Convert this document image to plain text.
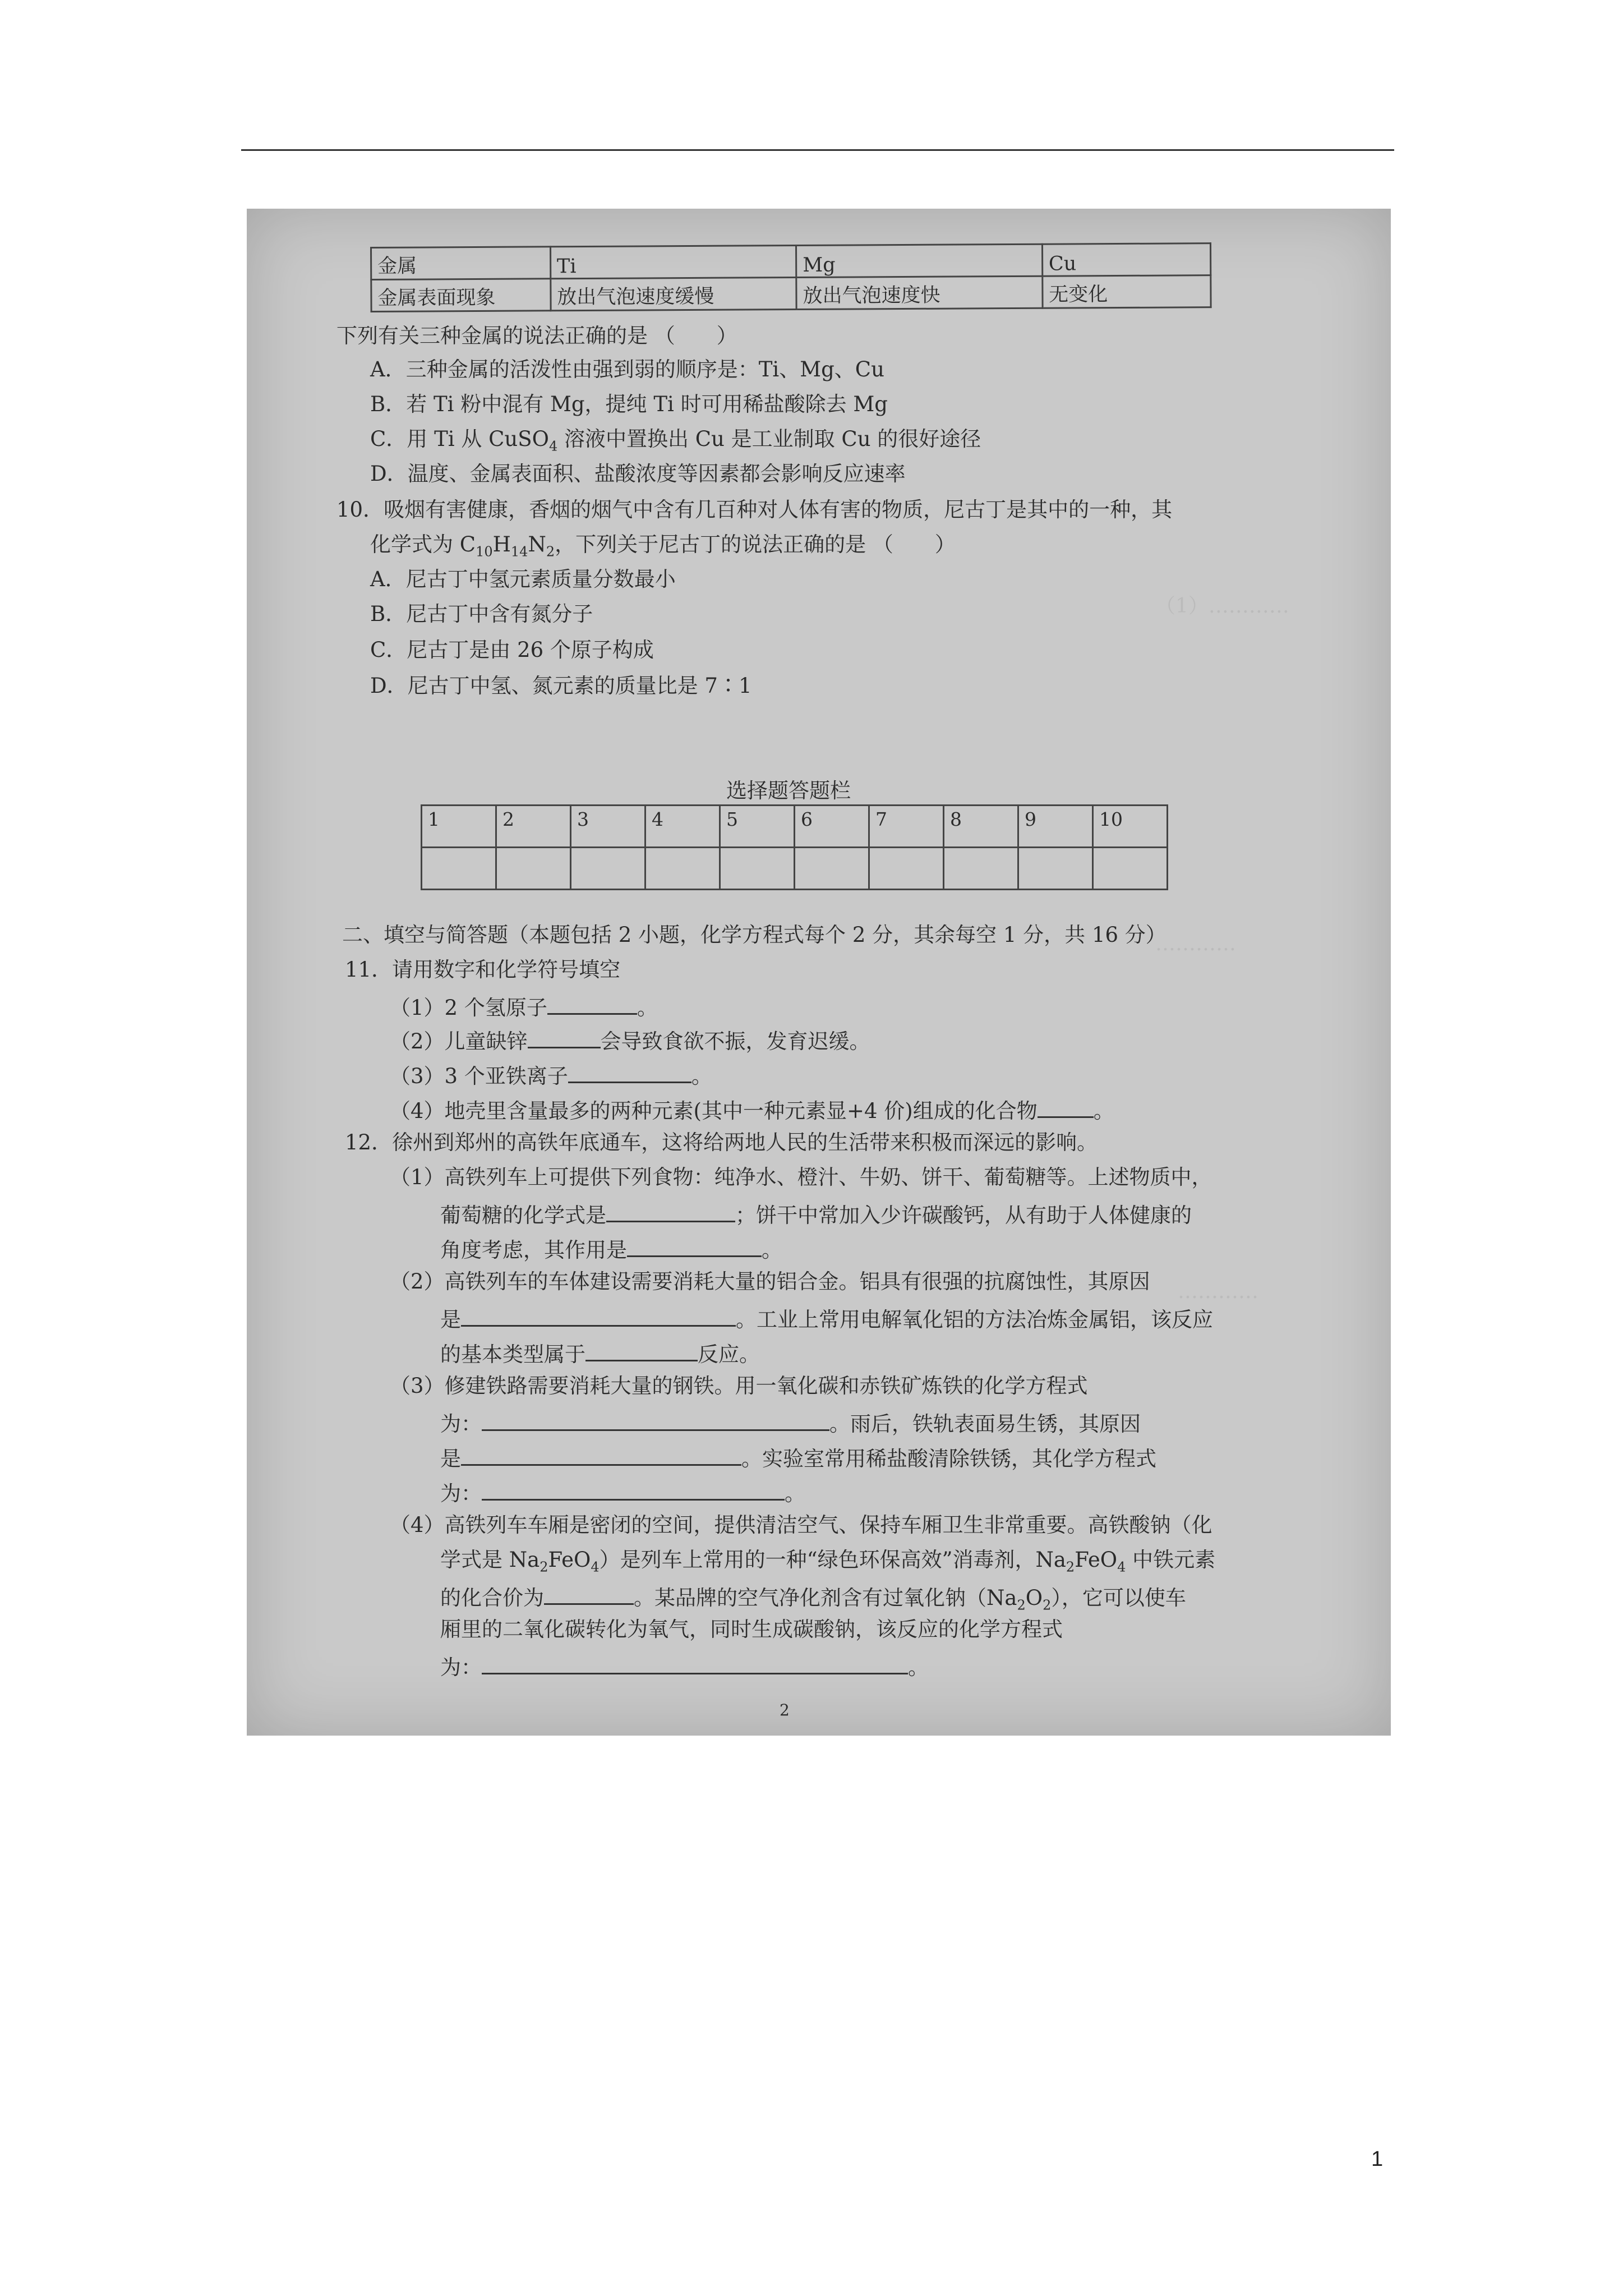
（1）…………
…………
…………
金属	Ti	Mg	Cu
金属表面现象	放出气泡速度缓慢	放出气泡速度快	无变化
下列有关三种金属的说法正确的是 （　　）
A．三种金属的活泼性由强到弱的顺序是：Ti、Mg、Cu
B．若 Ti 粉中混有 Mg，提纯 Ti 时可用稀盐酸除去 Mg
C．用 Ti 从 CuSO$_4$ 溶液中置换出 Cu 是工业制取 Cu 的很好途径
D．温度、金属表面积、盐酸浓度等因素都会影响反应速率
10．吸烟有害健康，香烟的烟气中含有几百种对人体有害的物质，尼古丁是其中的一种，其
化学式为 $C_{10}H_{14}N_2$，下列关于尼古丁的说法正确的是 （　　）
A．尼古丁中氢元素质量分数最小
B．尼古丁中含有氮分子
C．尼古丁是由 26 个原子构成
D．尼古丁中氢、氮元素的质量比是 7∶1
选择题答题栏
1	2	3	4	5	6	7	8	9	10

二、填空与简答题（本题包括 2 小题，化学方程式每个 2 分，其余每空 1 分，共 16 分）
11．请用数字和化学符号填空
（1）2 个氢原子	。
（2）儿童缺锌	会导致食欲不振，发育迟缓。
（3）3 个亚铁离子	。
（4）地壳里含量最多的两种元素(其中一种元素显+4 价)组成的化合物	。
12．徐州到郑州的高铁年底通车，这将给两地人民的生活带来积极而深远的影响。
（1）高铁列车上可提供下列食物：纯净水、橙汁、牛奶、饼干、葡萄糖等。上述物质中，
葡萄糖的化学式是	；饼干中常加入少许碳酸钙，从有助于人体健康的
角度考虑，其作用是	。
（2）高铁列车的车体建设需要消耗大量的铝合金。铝具有很强的抗腐蚀性，其原因
是	。工业上常用电解氧化铝的方法冶炼金属铝，该反应
的基本类型属于	反应。
（3）修建铁路需要消耗大量的钢铁。用一氧化碳和赤铁矿炼铁的化学方程式
为：	。雨后，铁轨表面易生锈，其原因
是	。实验室常用稀盐酸清除铁锈，其化学方程式
为：	。
（4）高铁列车车厢是密闭的空间，提供清洁空气、保持车厢卫生非常重要。高铁酸钠（化
学式是 $Na_2FeO_4$）是列车上常用的一种“绿色环保高效”消毒剂，$Na_2FeO_4$ 中铁元素
的化合价为	。某品牌的空气净化剂含有过氧化钠$(Na_2O_2)$，它可以使车
厢里的二氧化碳转化为氧气，同时生成碳酸钠，该反应的化学方程式
为：	。
2
1
